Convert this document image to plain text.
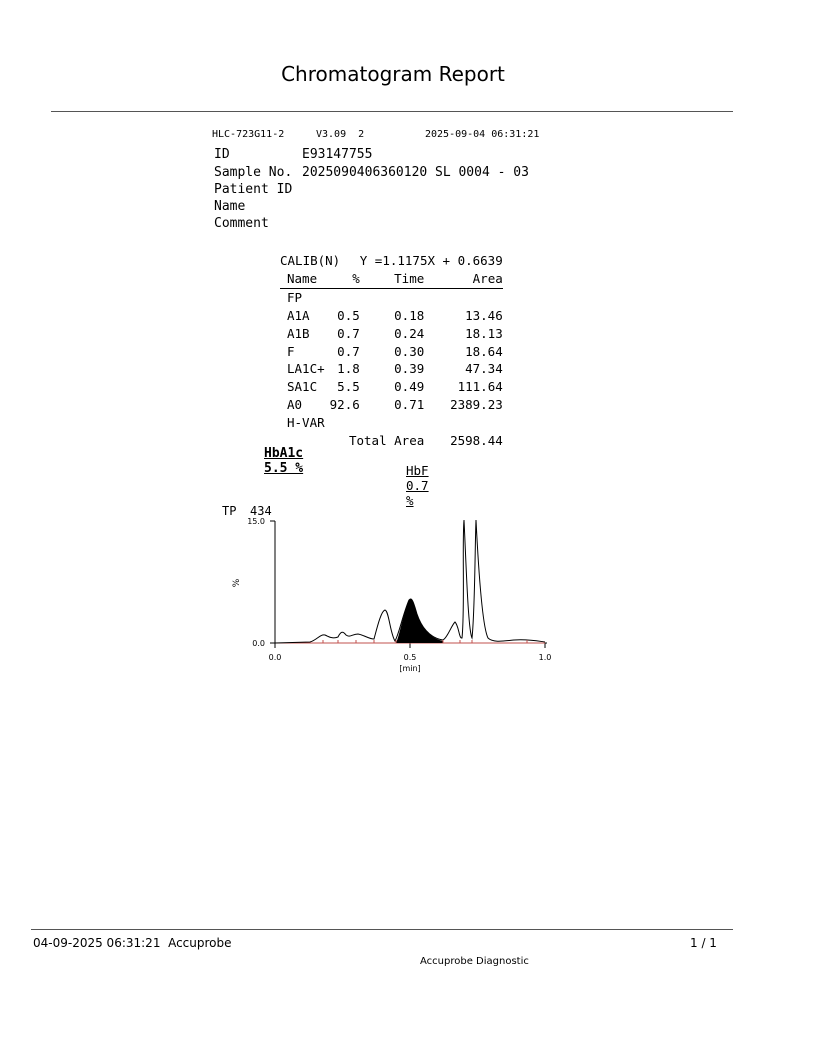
Chromatogram Report
HLC-723G11-2	V3.09  2	2025-09-04 06:31:21
ID	E93147755
Sample No. 2025090406360120 SL 0004 - 03
Patient ID
Name
Comment
CALIB(N)		Y =1.1175X + 0.6639	
Name	%	Time	Area
FP			
A1A	0.5	0.18	13.46
A1B	0.7	0.24	18.13
F	0.7	0.30	18.64
LA1C+	1.8	0.39	47.34
SA1C	5.5	0.49	111.64
A0	92.6	0.71	2389.23
H-VAR			
	Total Area		2598.44
HbA1c 5.5 %	HbF 0.7 %
TP 434
15.0
0.0
%
0.0	0.5	1.0
[min]
04-09-2025 06:31:21  Accuprobe	1 / 1
Accuprobe Diagnostic
